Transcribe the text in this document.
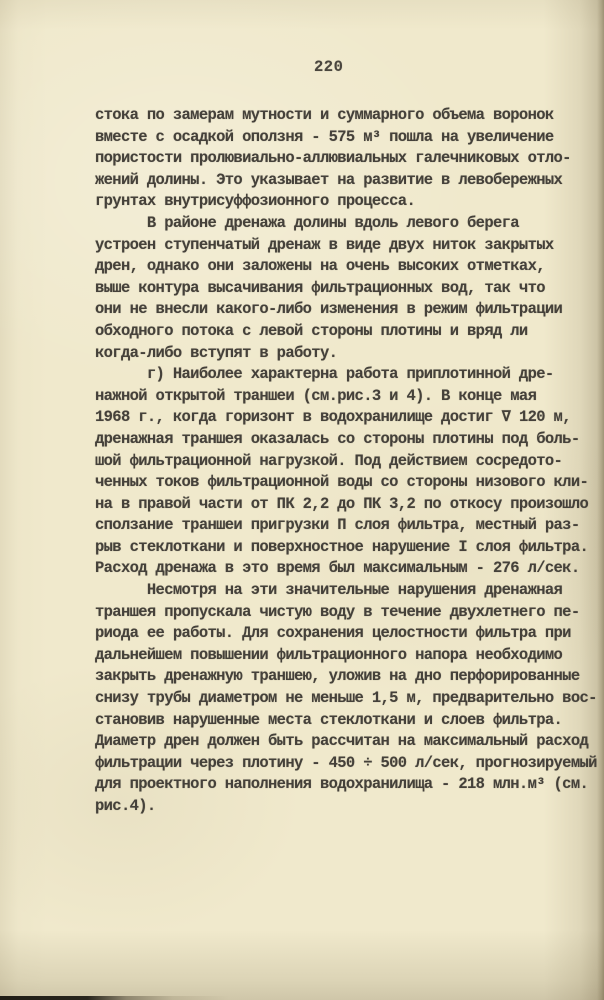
220
стока по замерам мутности и суммарного объема воронок
вместе с осадкой оползня - 575 м³ пошла на увеличение
пористости пролювиально-аллювиальных галечниковых отло-
жений долины. Это указывает на развитие в левобережных
грунтах внутрисуффозионного процесса.
В районе дренажа долины вдоль левого берега
устроен ступенчатый дренаж в виде двух ниток закрытых
дрен, однако они заложены на очень высоких отметках,
выше контура высачивания фильтрационных вод, так что
они не внесли какого-либо изменения в режим фильтрации
обходного потока с левой стороны плотины и вряд ли
когда-либо вступят в работу.
г) Наиболее характерна работа приплотинной дре-
нажной открытой траншеи (см.рис.3 и 4). В конце мая
1968 г., когда горизонт в водохранилище достиг ∇ 120 м,
дренажная траншея оказалась со стороны плотины под боль-
шой фильтрационной нагрузкой. Под действием сосредото-
ченных токов фильтрационной воды со стороны низового кли-
на в правой части от ПК 2,2 до ПК 3,2 по откосу произошло
сползание траншеи пригрузки П слоя фильтра, местный раз-
рыв стеклоткани и поверхностное нарушение I слоя фильтра.
Расход дренажа в это время был максимальным - 276 л/сек.
Несмотря на эти значительные нарушения дренажная
траншея пропускала чистую воду в течение двухлетнего пе-
риода ее работы. Для сохранения целостности фильтра при
дальнейшем повышении фильтрационного напора необходимо
закрыть дренажную траншею, уложив на дно перфорированные
снизу трубы диаметром не меньше 1,5 м, предварительно вос-
становив нарушенные места стеклоткани и слоев фильтра.
Диаметр дрен должен быть рассчитан на максимальный расход
фильтрации через плотину - 450 ÷ 500 л/сек, прогнозируемый
для проектного наполнения водохранилища - 218 млн.м³ (см.
рис.4).
